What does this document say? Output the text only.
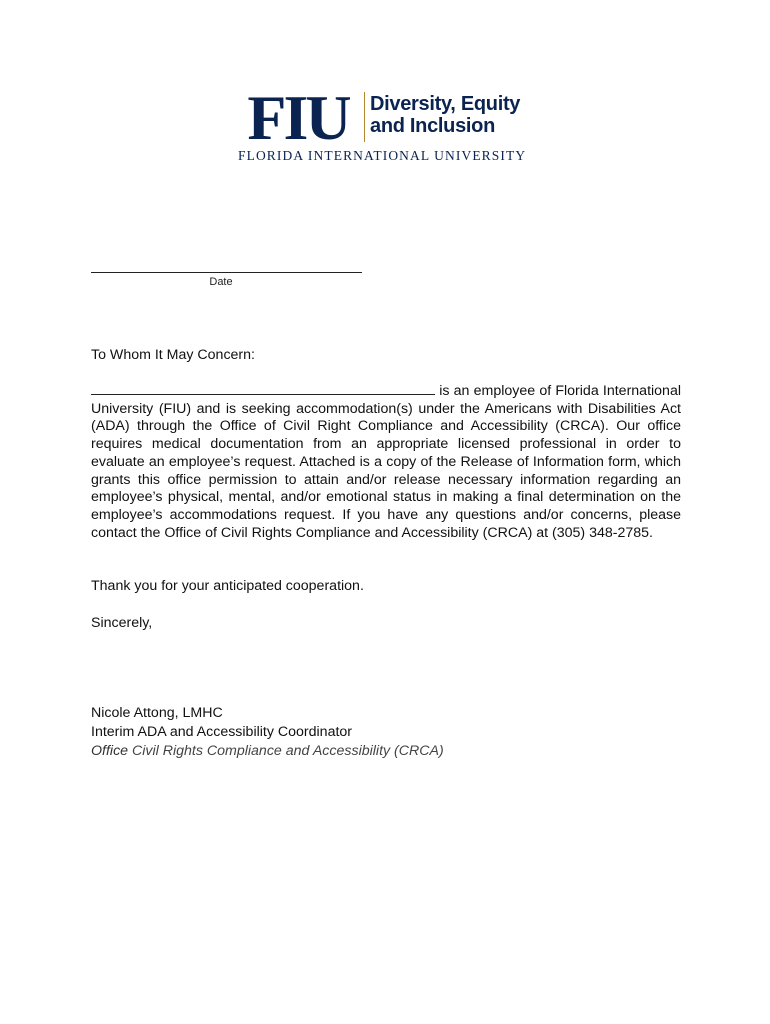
FIU	Diversity, Equity
and Inclusion
FLORIDA INTERNATIONAL UNIVERSITY
Date
To Whom It May Concern:
is an employee of Florida International University (FIU) and is seeking accommodation(s) under the Americans with Disabilities Act (ADA) through the Office of Civil Right Compliance and Accessibility (CRCA). Our office requires medical documentation from an appropriate licensed professional in order to evaluate an employee’s request. Attached is a copy of the Release of Information form, which grants this office permission to attain and/or release necessary information regarding an employee’s physical, mental, and/or emotional status in making a final determination on the employee’s accommodations request. If you have any questions and/or concerns, please contact the Office of Civil Rights Compliance and Accessibility (CRCA) at (305) 348-2785.
Thank you for your anticipated cooperation.
Sincerely,
Nicole Attong, LMHC
Interim ADA and Accessibility Coordinator
Office Civil Rights Compliance and Accessibility (CRCA)
